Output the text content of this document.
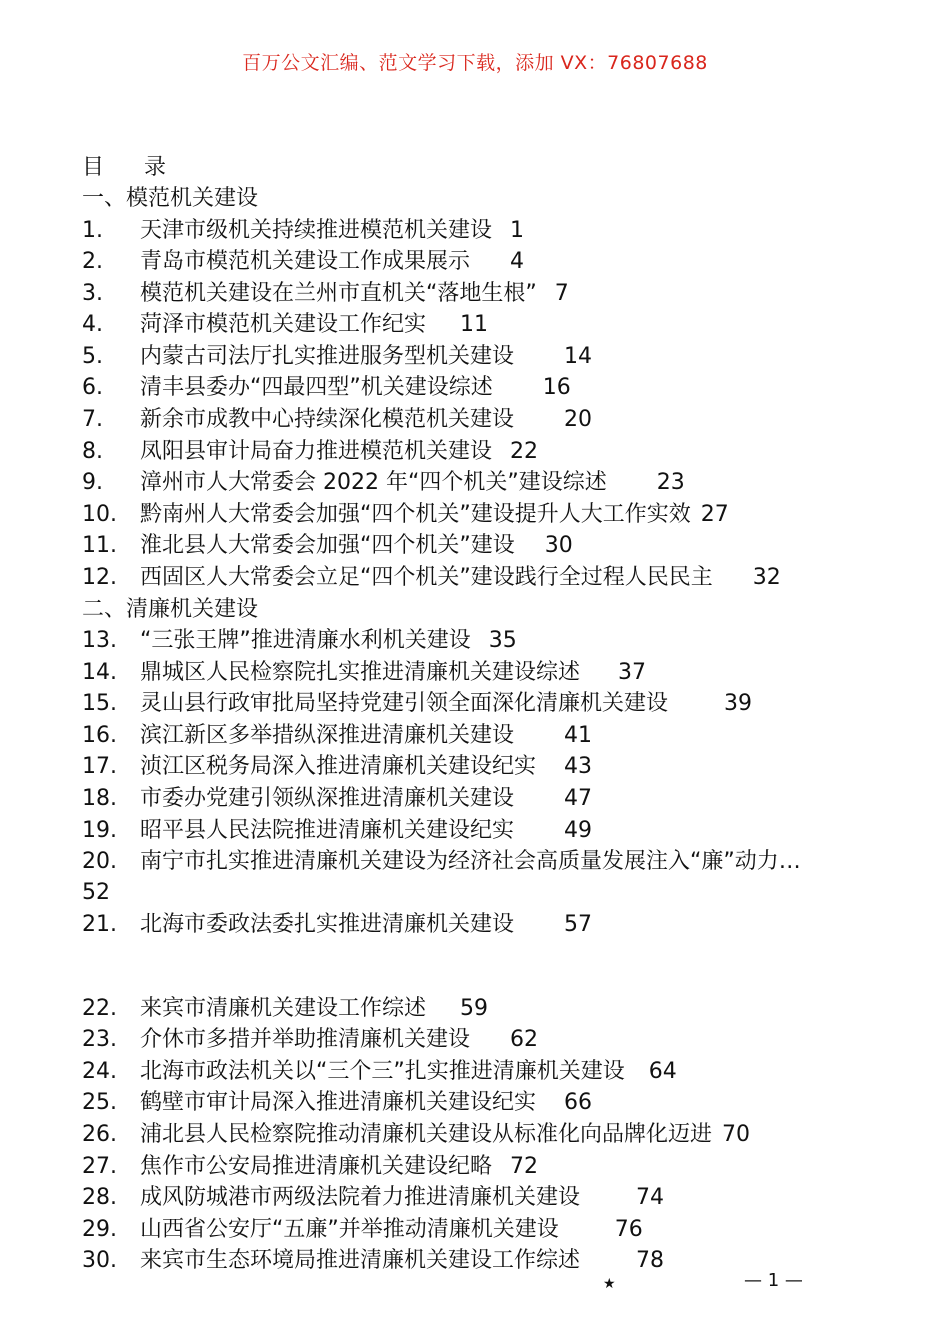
百万公文汇编、范文学习下载，添加 VX：76807688
目 录
一、模范机关建设
1. 天津市级机关持续推进模范机关建设 1
2. 青岛市模范机关建设工作成果展示 4
3. 模范机关建设在兰州市直机关“落地生根” 7
4. 菏泽市模范机关建设工作纪实 11
5. 内蒙古司法厅扎实推进服务型机关建设 14
6. 清丰县委办“四最四型”机关建设综述 16
7. 新余市成教中心持续深化模范机关建设 20
8. 凤阳县审计局奋力推进模范机关建设 22
9. 漳州市人大常委会 2022 年“四个机关”建设综述 23
10. 黔南州人大常委会加强“四个机关”建设提升人大工作实效 27
11. 淮北县人大常委会加强“四个机关”建设 30
12. 西固区人大常委会立足“四个机关”建设践行全过程人民民主 32
二、清廉机关建设
13. “三张王牌”推进清廉水利机关建设 35
14. 鼎城区人民检察院扎实推进清廉机关建设综述 37
15. 灵山县行政审批局坚持党建引领全面深化清廉机关建设	39
16. 滨江新区多举措纵深推进清廉机关建设 41
17. 浈江区税务局深入推进清廉机关建设纪实 43
18. 市委办党建引领纵深推进清廉机关建设 47
19. 昭平县人民法院推进清廉机关建设纪实 49
20. 南宁市扎实推进清廉机关建设为经济社会高质量发展注入“廉”动力…
52
21. 北海市委政法委扎实推进清廉机关建设 57
22. 来宾市清廉机关建设工作综述 59
23. 介休市多措并举助推清廉机关建设 62
24. 北海市政法机关以“三个三”扎实推进清廉机关建设 64
25. 鹤壁市审计局深入推进清廉机关建设纪实 66
26. 浦北县人民检察院推动清廉机关建设从标准化向品牌化迈进 70
27. 焦作市公安局推进清廉机关建设纪略 72
28. 成风防城港市两级法院着力推进清廉机关建设	74
29. 山西省公安厅“五廉”并举推动清廉机关建设	76
30. 来宾市生态环境局推进清廉机关建设工作综述	78
★	— 1 —
